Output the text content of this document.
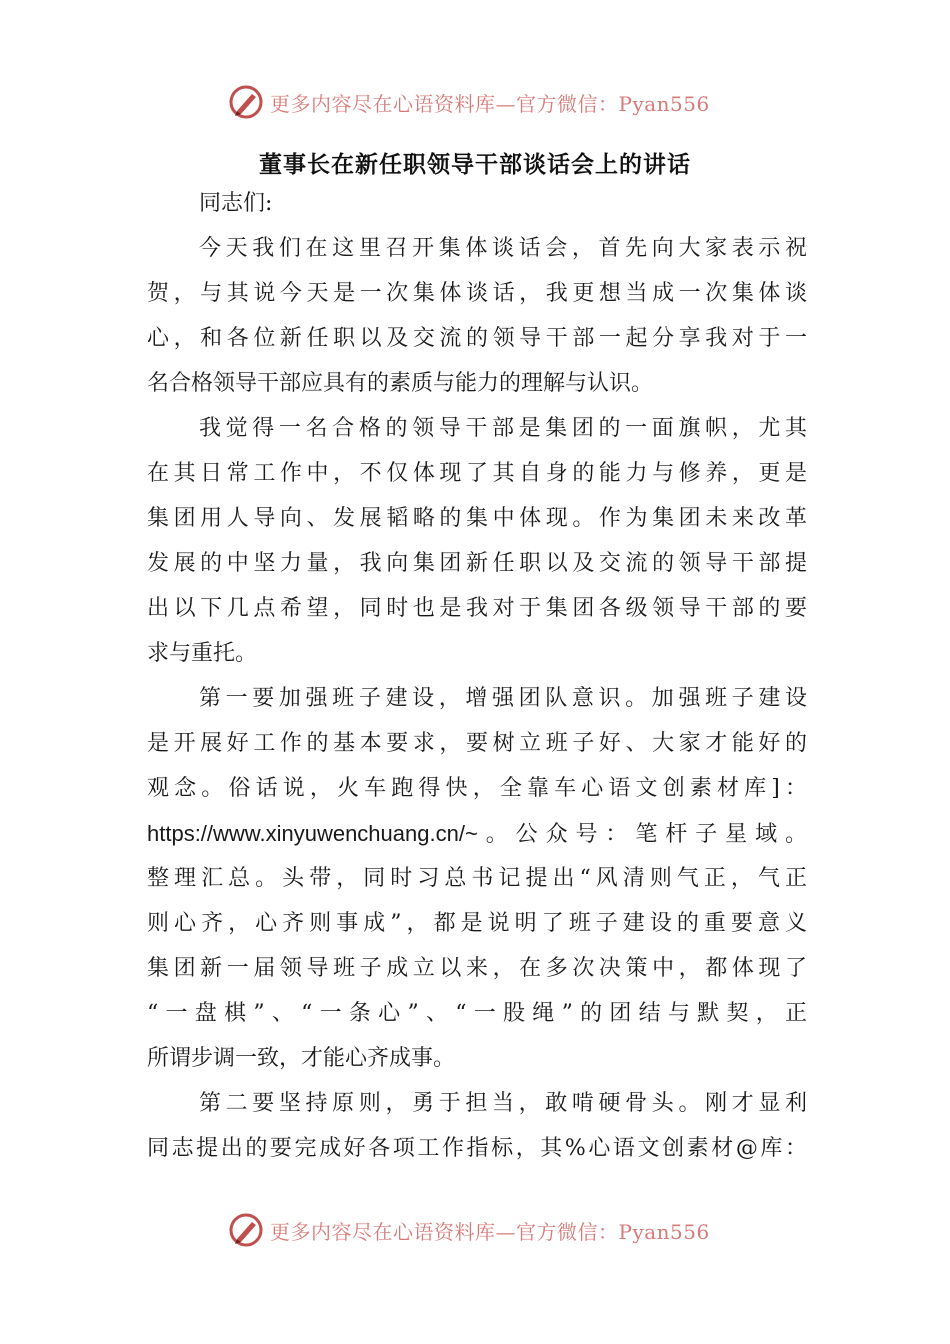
更多内容尽在心语资料库—官方微信：Pyan556
董事长在新任职领导干部谈话会上的讲话
同志们:
今天我们在这里召开集体谈话会，首先向大家表示祝
贺，与其说今天是一次集体谈话，我更想当成一次集体谈
心，和各位新任职以及交流的领导干部一起分享我对于一
名合格领导干部应具有的素质与能力的理解与认识。
我觉得一名合格的领导干部是集团的一面旗帜，尤其
在其日常工作中，不仅体现了其自身的能力与修养，更是
集团用人导向、发展韬略的集中体现。作为集团未来改革
发展的中坚力量，我向集团新任职以及交流的领导干部提
出以下几点希望，同时也是我对于集团各级领导干部的要
求与重托。
第一要加强班子建设，增强团队意识。加强班子建设
是开展好工作的基本要求，要树立班子好、大家才能好的
观念。俗话说，火车跑得快，全靠车心语文创素材库]：
https://www.xinyuwenchuang.cn/~。公众号：笔杆子星域。
整理汇总。头带，同时习总书记提出“风清则气正，气正
则心齐，心齐则事成”，都是说明了班子建设的重要意义
集团新一届领导班子成立以来，在多次决策中，都体现了
“一盘棋”、“一条心”、“一股绳”的团结与默契，正
所谓步调一致，才能心齐成事。
第二要坚持原则，勇于担当，敢啃硬骨头。刚才显利
同志提出的要完成好各项工作指标，其%心语文创素材@库：
更多内容尽在心语资料库—官方微信：Pyan556
